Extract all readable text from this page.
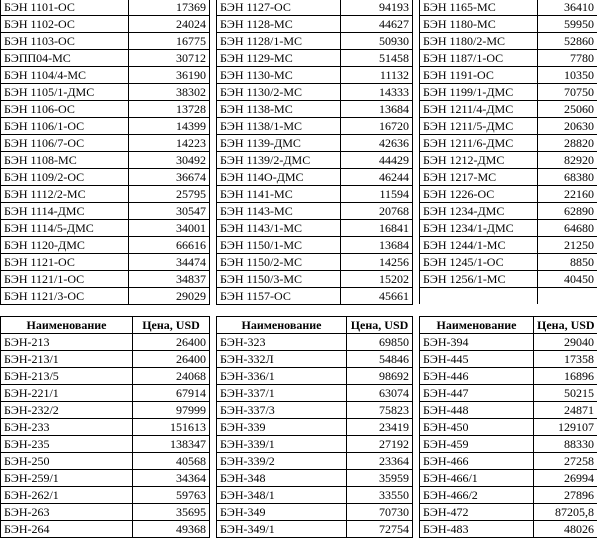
БЭН 1101-ОС	17369
БЭН 1102-ОС	24024
БЭН 1103-ОС	16775
БЭПП04-МС	30712
БЭН 1104/4-МС	36190
БЭН 1105/1-ДМС	38302
БЭН 1106-ОС	13728
БЭН 1106/1-ОС	14399
БЭН 1106/7-ОС	14223
БЭН 1108-МС	30492
БЭН 1109/2-ОС	36674
БЭН 1112/2-МС	25795
БЭН 1114-ДМС	30547
БЭН 1114/5-ДМС	34001
БЭН 1120-ДМС	66616
БЭН 1121-ОС	34474
БЭН 1121/1-ОС	34837
БЭН 1121/3-ОС	29029
БЭН 1127-ОС	94193
БЭН 1128-МС	44627
БЭН 1128/1-МС	50930
БЭН 1129-МС	51458
БЭН 1130-МС	11132
БЭН 1130/2-МС	14333
БЭН 1138-МС	13684
БЭН 1138/1-МС	16720
БЭН 1139-ДМС	42636
БЭН 1139/2-ДМС	44429
БЭН 114О-ДМС	46244
БЭН 1141-МС	11594
БЭН 1143-МС	20768
БЭН 1143/1-МС	16841
БЭН 1150/1-МС	13684
БЭН 1150/2-МС	14256
БЭН 1150/3-МС	15202
БЭН 1157-ОС	45661
БЭН 1165-МС	36410
БЭН 1180-МС	59950
БЭН 1180/2-МС	52860
БЭН 1187/1-ОС	7780
БЭН 1191-ОС	10350
БЭН 1199/1-ДМС	70750
БЭН 1211/4-ДМС	25060
БЭН 1211/5-ДМС	20630
БЭН 1211/6-ДМС	28820
БЭН 1212-ДМС	82920
БЭН 1217-МС	68380
БЭН 1226-ОС	22160
БЭН 1234-ДМС	62890
БЭН 1234/1-ДМС	64680
БЭН 1244/1-МС	21250
БЭН 1245/1-ОС	8850
БЭН 1256/1-МС	40450

Наименование	Цена, USD
БЭН-213	26400
БЭН-213/1	26400
БЭН-213/5	24068
БЭН-221/1	67914
БЭН-232/2	97999
БЭН-233	151613
БЭН-235	138347
БЭН-250	40568
БЭН-259/1	34364
БЭН-262/1	59763
БЭН-263	35695
БЭН-264	49368
Наименование	Цена, USD
БЭН-323	69850
БЭН-332Л	54846
БЭН-336/1	98692
БЭН-337/1	63074
БЭН-337/3	75823
БЭН-339	23419
БЭН-339/1	27192
БЭН-339/2	23364
БЭН-348	35959
БЭН-348/1	33550
БЭН-349	70730
БЭН-349/1	72754
Наименование	Цена, USD
БЭН-394	29040
БЭН-445	17358
БЭН-446	16896
БЭН-447	50215
БЭН-448	24871
БЭН-450	129107
БЭН-459	88330
БЭН-466	27258
БЭН-466/1	26994
БЭН-466/2	27896
БЭН-472	87205,8
БЭН-483	48026
